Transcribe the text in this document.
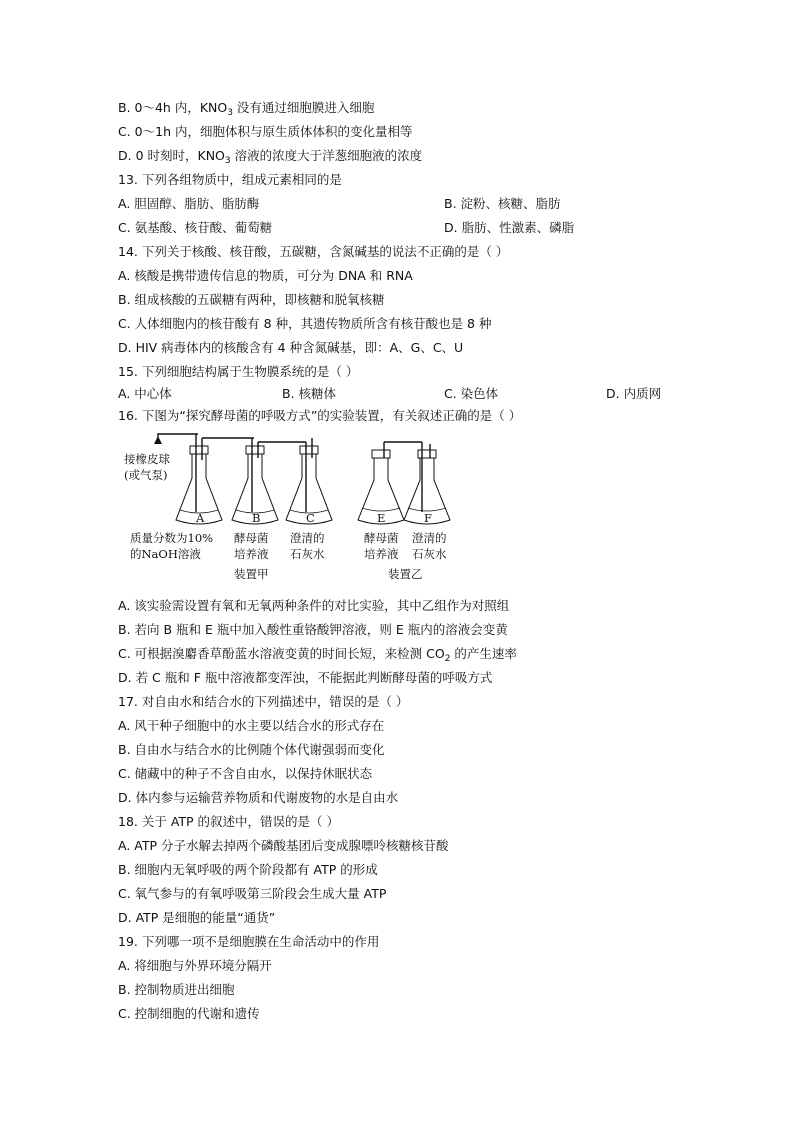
B. 0～4h 内，$KNO_3$ 没有通过细胞膜进入细胞
C. 0～1h 内，细胞体积与原生质体体积的变化量相等
D. 0 时刻时，$KNO_3$ 溶液的浓度大于洋葱细胞液的浓度
13. 下列各组物质中，组成元素相同的是
A. 胆固醇、脂肪、脂肪酶	B. 淀粉、核糖、脂肪
C. 氨基酸、核苷酸、葡萄糖	D. 脂肪、性激素、磷脂
14. 下列关于核酸、核苷酸，五碳糖，含氮碱基的说法不正确的是（ ）
A. 核酸是携带遗传信息的物质，可分为 DNA 和 RNA
B. 组成核酸的五碳糖有两种，即核糖和脱氧核糖
C. 人体细胞内的核苷酸有 8 种，其遗传物质所含有核苷酸也是 8 种
D. HIV 病毒体内的核酸含有 4 种含氮碱基，即：A、G、C、U
15. 下列细胞结构属于生物膜系统的是（ ）
A. 中心体	B. 核糖体	C. 染色体	D. 内质网
16. 下图为“探究酵母菌的呼吸方式”的实验装置，有关叙述正确的是（ ）
接橡皮球
(或气泵)
A	B	C	E	F
质量分数为10%
的NaOH溶液
酵母菌
培养液
澄清的
石灰水
酵母菌
培养液
澄清的
石灰水
装置甲	装置乙
A. 该实验需设置有氧和无氧两种条件的对比实验，其中乙组作为对照组
B. 若向 B 瓶和 E 瓶中加入酸性重铬酸钾溶液，则 E 瓶内的溶液会变黄
C. 可根据溴麝香草酚蓝水溶液变黄的时间长短，来检测 $CO_2$ 的产生速率
D. 若 C 瓶和 F 瓶中溶液都变浑浊，不能据此判断酵母菌的呼吸方式
17. 对自由水和结合水的下列描述中，错误的是（ ）
A. 风干种子细胞中的水主要以结合水的形式存在
B. 自由水与结合水的比例随个体代谢强弱而变化
C. 储藏中的种子不含自由水，以保持休眠状态
D. 体内参与运输营养物质和代谢废物的水是自由水
18. 关于 ATP 的叙述中，错误的是（ ）
A. ATP 分子水解去掉两个磷酸基团后变成腺嘌呤核糖核苷酸
B. 细胞内无氧呼吸的两个阶段都有 ATP 的形成
C. 氧气参与的有氧呼吸第三阶段会生成大量 ATP
D. ATP 是细胞的能量“通货”
19. 下列哪一项不是细胞膜在生命活动中的作用
A. 将细胞与外界环境分隔开
B. 控制物质进出细胞
C. 控制细胞的代谢和遗传
